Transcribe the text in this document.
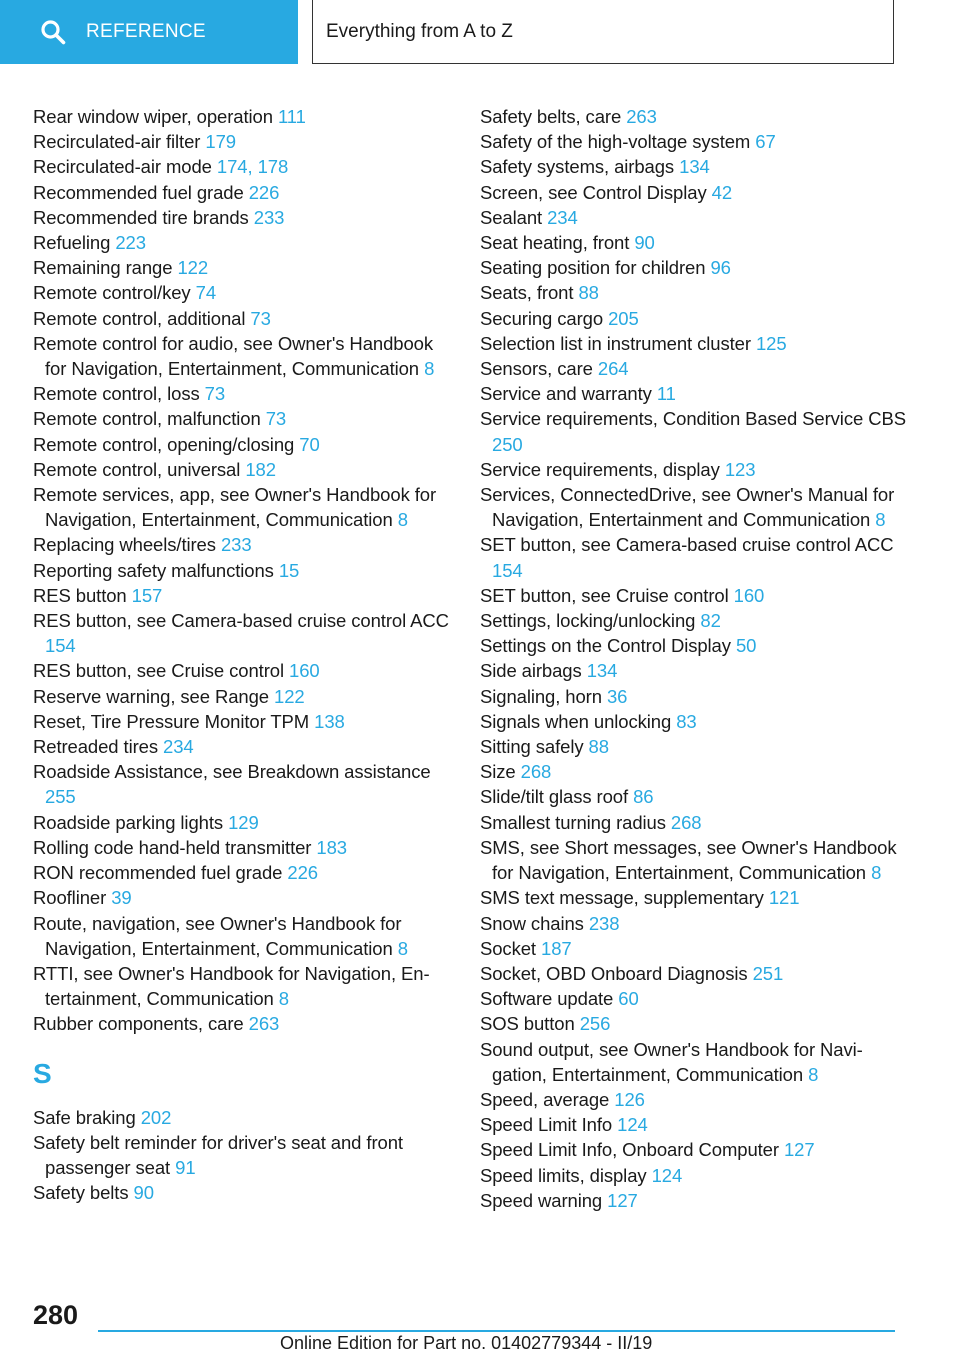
REFERENCE	Everything from A to Z

Rear window wiper, operation 111

Recirculated-air filter 179

Recirculated-air mode 174, 178

Recommended fuel grade 226

Recommended tire brands 233

Refueling 223

Remaining range 122

Remote control/key 74

Remote control, additional 73

Remote control for audio, see Owner's Handbook for Navigation, Entertainment, Communication 8

Remote control, loss 73

Remote control, malfunction 73

Remote control, opening/closing 70

Remote control, universal 182

Remote services, app, see Owner's Handbook for Navigation, Entertainment, Communication 8

Replacing wheels/tires 233

Reporting safety malfunctions 15

RES button 157

RES button, see Camera-based cruise control ACC 154

RES button, see Cruise control 160

Reserve warning, see Range 122

Reset, Tire Pressure Monitor TPM 138

Retreaded tires 234

Roadside Assistance, see Breakdown assistance 255

Roadside parking lights 129

Rolling code hand-held transmitter 183

RON recommended fuel grade 226

Roofliner 39

Route, navigation, see Owner's Handbook for Navigation, Entertainment, Communication 8

RTTI, see Owner's Handbook for Navigation, Entertainment, Communication 8

Rubber components, care 263

S

Safe braking 202

Safety belt reminder for driver's seat and front passenger seat 91

Safety belts 90

Safety belts, care 263

Safety of the high-voltage system 67

Safety systems, airbags 134

Screen, see Control Display 42

Sealant 234

Seat heating, front 90

Seating position for children 96

Seats, front 88

Securing cargo 205

Selection list in instrument cluster 125

Sensors, care 264

Service and warranty 11

Service requirements, Condition Based Service CBS 250

Service requirements, display 123

Services, ConnectedDrive, see Owner's Manual for Navigation, Entertainment and Communication 8

SET button, see Camera-based cruise control ACC 154

SET button, see Cruise control 160

Settings, locking/unlocking 82

Settings on the Control Display 50

Side airbags 134

Signaling, horn 36

Signals when unlocking 83

Sitting safely 88

Size 268

Slide/tilt glass roof 86

Smallest turning radius 268

SMS, see Short messages, see Owner's Handbook for Navigation, Entertainment, Communication 8

SMS text message, supplementary 121

Snow chains 238

Socket 187

Socket, OBD Onboard Diagnosis 251

Software update 60

SOS button 256

Sound output, see Owner's Handbook for Navigation, Entertainment, Communication 8

Speed, average 126

Speed Limit Info 124

Speed Limit Info, Onboard Computer 127

Speed limits, display 124

Speed warning 127

280
Online Edition for Part no. 01402779344 - II/19
